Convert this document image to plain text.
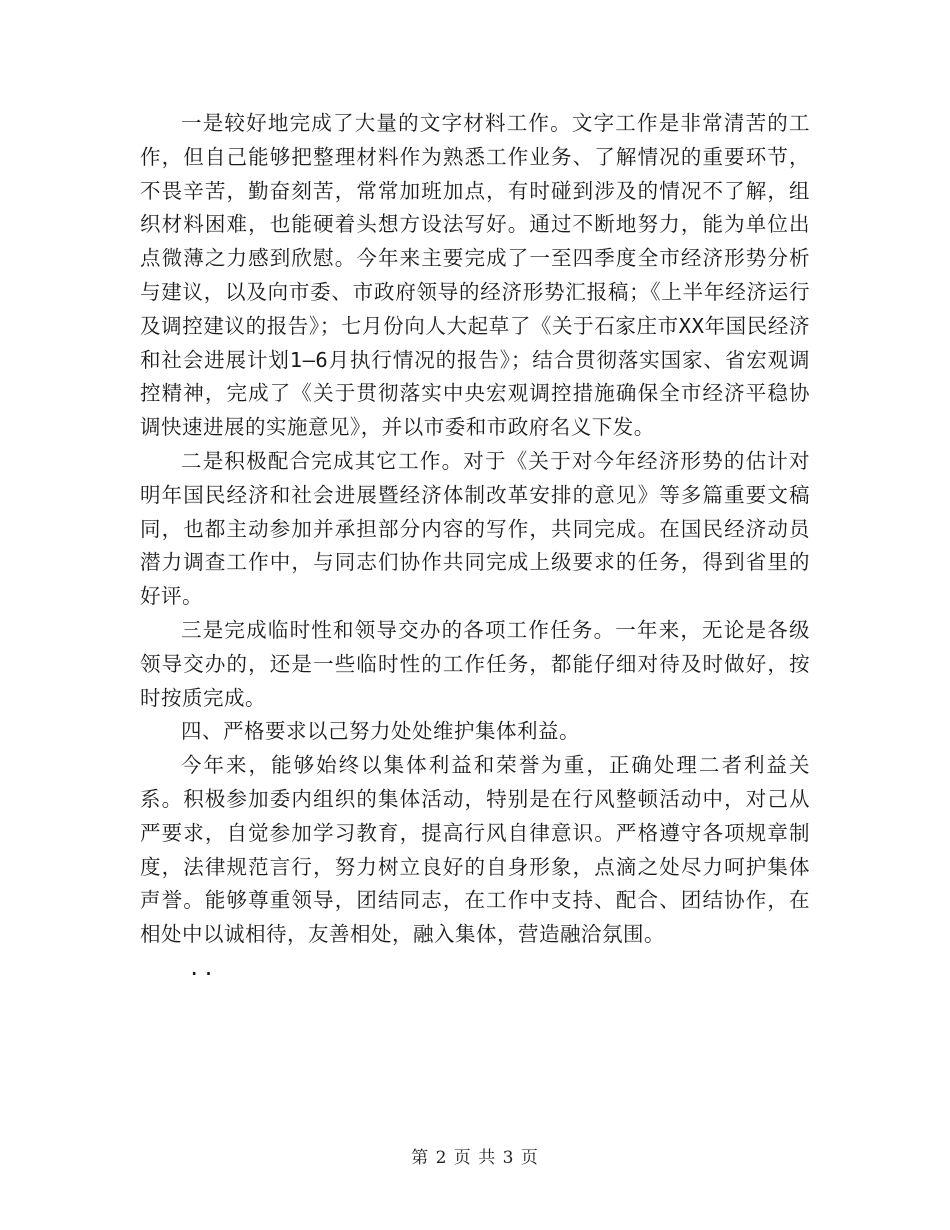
一是较好地完成了大量的文字材料工作。文字工作是非常清苦的工作，但自己能够把整理材料作为熟悉工作业务、了解情况的重要环节，不畏辛苦，勤奋刻苦，常常加班加点，有时碰到涉及的情况不了解，组织材料困难，也能硬着头想方设法写好。通过不断地努力，能为单位出点微薄之力感到欣慰。今年来主要完成了一至四季度全市经济形势分析与建议，以及向市委、市政府领导的经济形势汇报稿；《上半年经济运行及调控建议的报告》；七月份向人大起草了《关于石家庄市XX年国民经济和社会进展计划1—6月执行情况的报告》；结合贯彻落实国家、省宏观调控精神，完成了《关于贯彻落实中央宏观调控措施确保全市经济平稳协调快速进展的实施意见》，并以市委和市政府名义下发。

二是积极配合完成其它工作。对于《关于对今年经济形势的估计对明年国民经济和社会进展暨经济体制改革安排的意见》等多篇重要文稿同，也都主动参加并承担部分内容的写作，共同完成。在国民经济动员潜力调查工作中，与同志们协作共同完成上级要求的任务，得到省里的好评。

三是完成临时性和领导交办的各项工作任务。一年来，无论是各级领导交办的，还是一些临时性的工作任务，都能仔细对待及时做好，按时按质完成。

四、严格要求以己努力处处维护集体利益。

今年来，能够始终以集体利益和荣誉为重，正确处理二者利益关系。积极参加委内组织的集体活动，特别是在行风整顿活动中，对己从严要求，自觉参加学习教育，提高行风自律意识。严格遵守各项规章制度，法律规范言行，努力树立良好的自身形象，点滴之处尽力呵护集体声誉。能够尊重领导，团结同志，在工作中支持、配合、团结协作，在相处中以诚相待，友善相处，融入集体，营造融洽氛围。

..

第 2 页 共 3 页
